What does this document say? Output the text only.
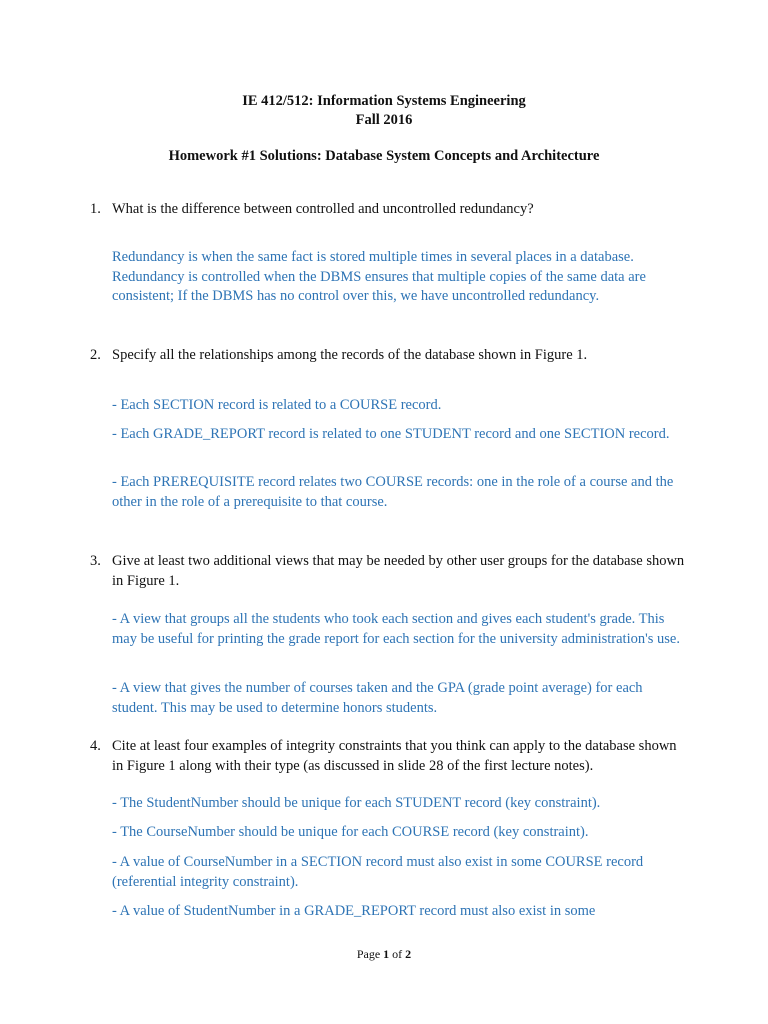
IE 412/512: Information Systems Engineering
Fall 2016
Homework #1 Solutions: Database System Concepts and Architecture
1. What is the difference between controlled and uncontrolled redundancy?
Redundancy is when the same fact is stored multiple times in several places in a database. Redundancy is controlled when the DBMS ensures that multiple copies of the same data are consistent; If the DBMS has no control over this, we have uncontrolled redundancy.
2. Specify all the relationships among the records of the database shown in Figure 1.
- Each SECTION record is related to a COURSE record.
- Each GRADE_REPORT record is related to one STUDENT record and one SECTION record.
- Each PREREQUISITE record relates two COURSE records: one in the role of a course and the other in the role of a prerequisite to that course.
3. Give at least two additional views that may be needed by other user groups for the database shown in Figure 1.
- A view that groups all the students who took each section and gives each student's grade. This may be useful for printing the grade report for each section for the university administration's use.
- A view that gives the number of courses taken and the GPA (grade point average) for each student. This may be used to determine honors students.
4. Cite at least four examples of integrity constraints that you think can apply to the database shown in Figure 1 along with their type (as discussed in slide 28 of the first lecture notes).
- The StudentNumber should be unique for each STUDENT record (key constraint).
- The CourseNumber should be unique for each COURSE record (key constraint).
- A value of CourseNumber in a SECTION record must also exist in some COURSE record (referential integrity constraint).
- A value of StudentNumber in a GRADE_REPORT record must also exist in some
Page 1 of 2
